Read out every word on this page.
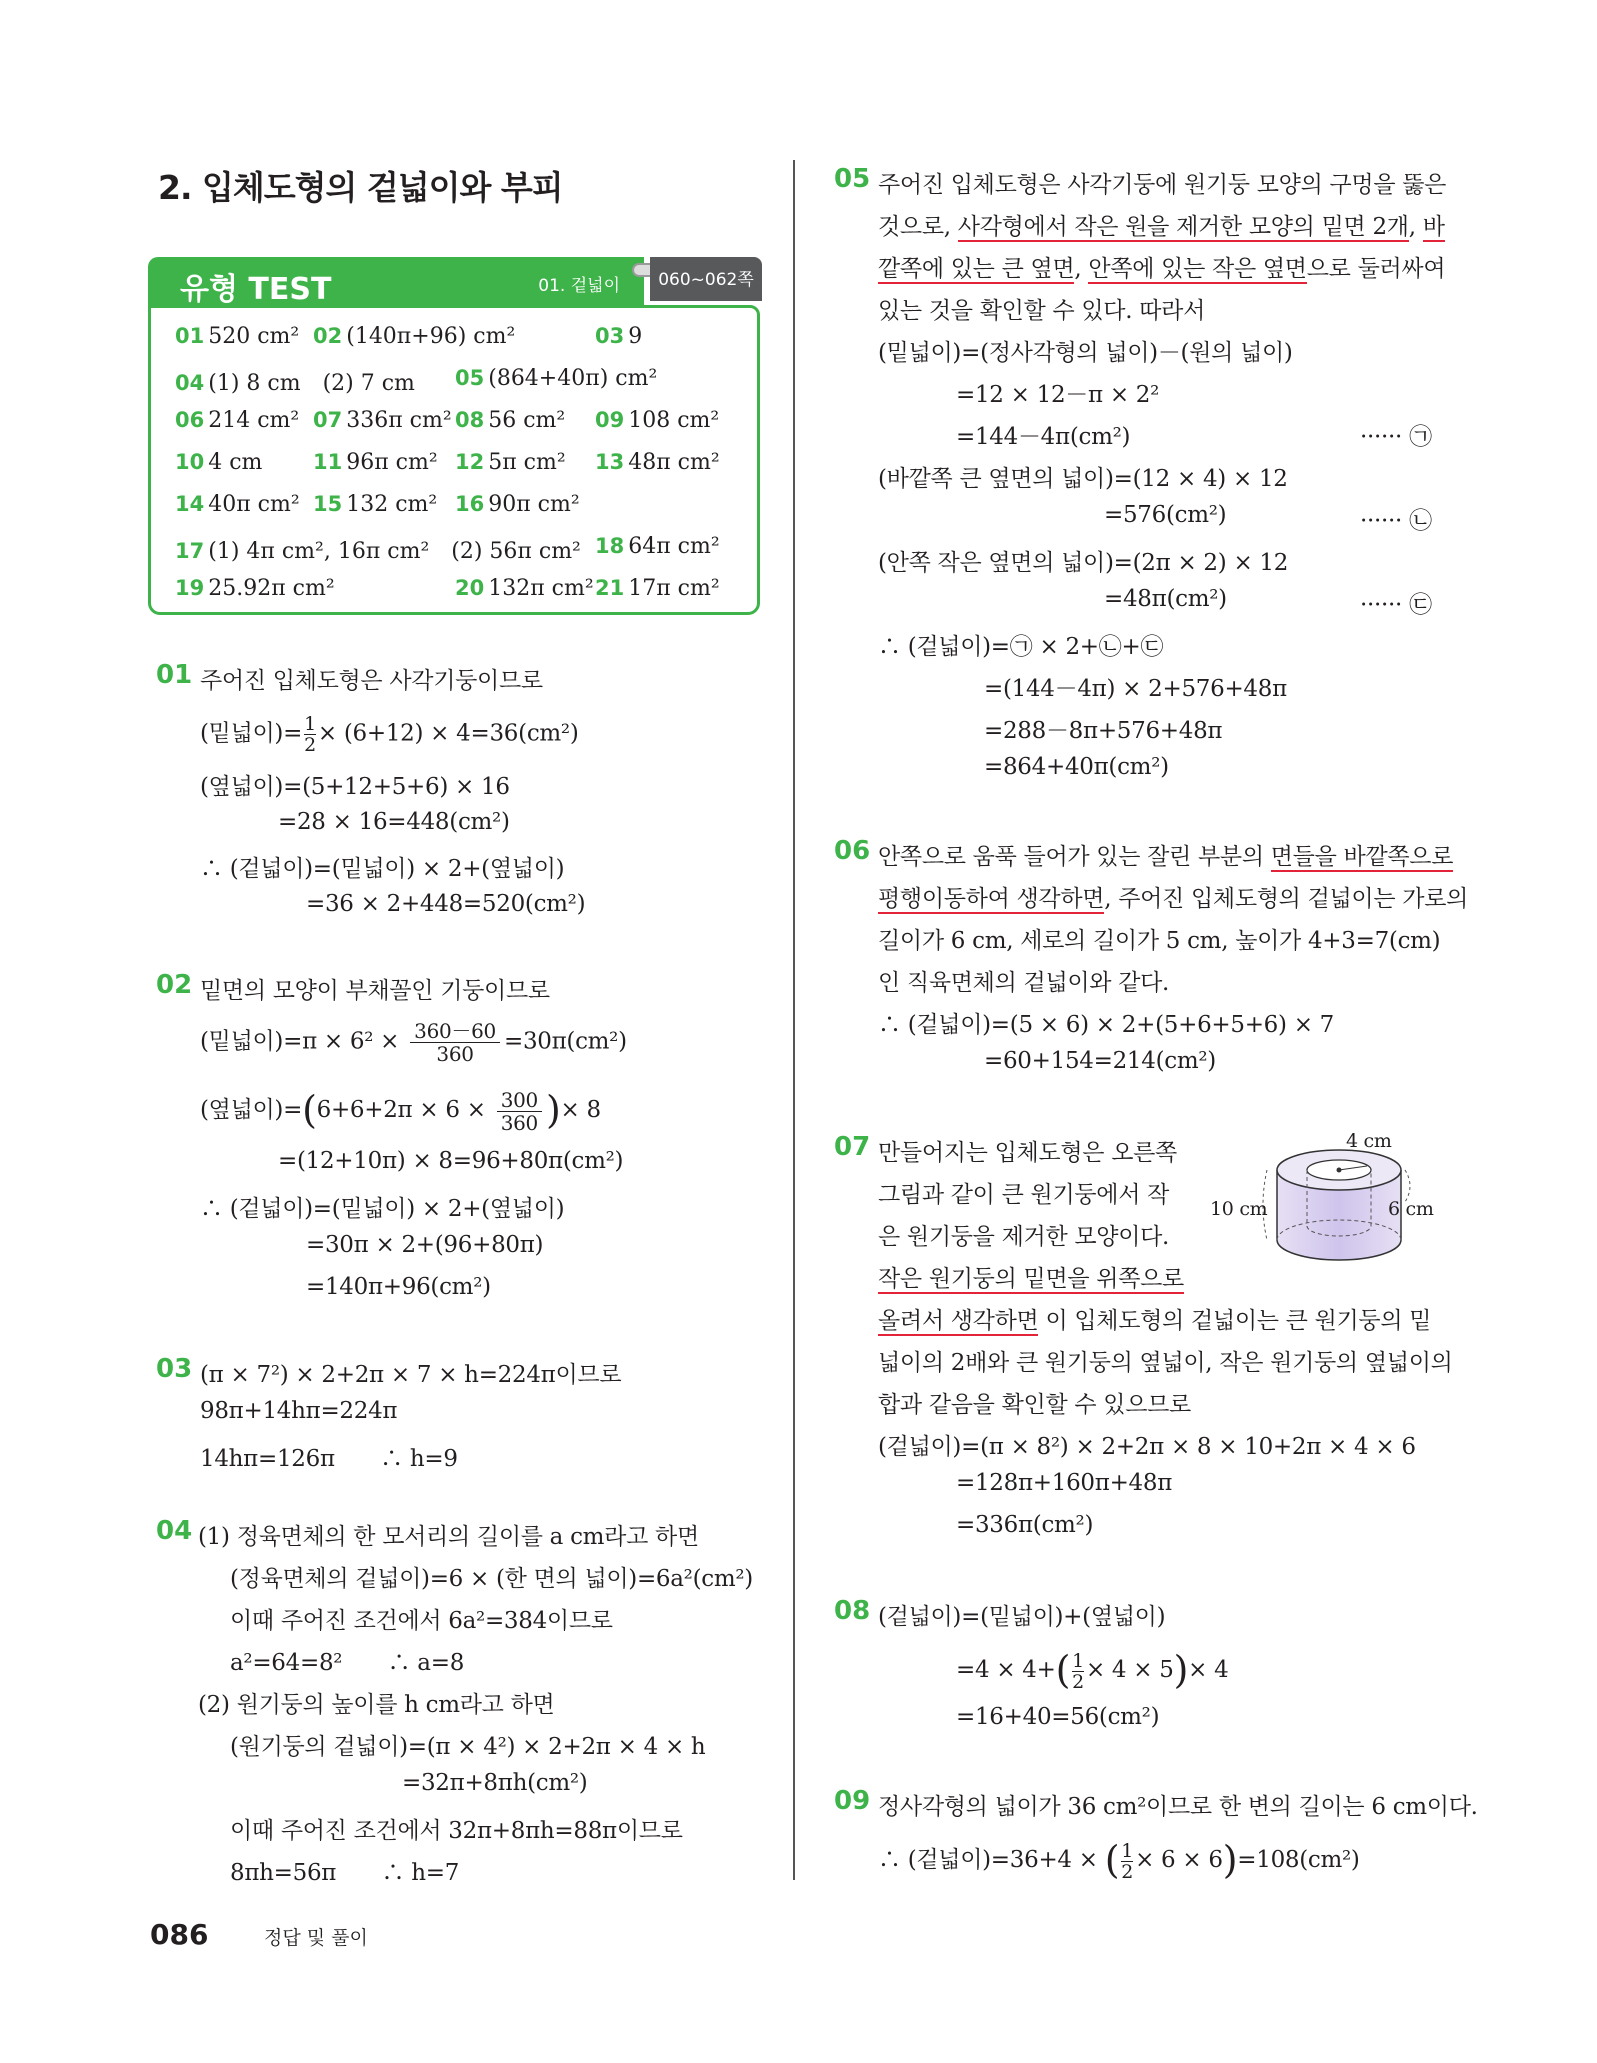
2. 입체도형의 겉넓이와 부피
유형 TEST	01. 겉넓이	060~062쪽
01 520 cm² 02 (140π+96) cm²	03 9
04 (1) 8 cm　(2) 7 cm 05 (864+40π) cm²
06 214 cm² 07 336π cm² 08 56 cm² 09 108 cm²
10 4 cm 11 96π cm² 12 5π cm² 13 48π cm²
14 40π cm² 15 132 cm² 16 90π cm²
17 (1) 4π cm², 16π cm²　(2) 56π cm² 18 64π cm²
19 25.92π cm²	20 132π cm² 21 17π cm²
01 주어진 입체도형은 사각기둥이므로
(밑넓이)= $\frac{1}{2} \times (6+12) \times 4=36(cm^2)$
(옆넓이)=(5+12+5+6) × 16
=28 × 16=448(cm²)
∴ (겉넓이)=(밑넓이) × 2+(옆넓이)
=36 × 2+448=520(cm²)
02 밑면의 모양이 부채꼴인 기둥이므로
(밑넓이)$=\pi \times 6^2 \times \frac{360-60}{360} =30\pi(cm^2)$
(옆넓이)$=(6+6+2\pi \times 6 \times \frac{300}{360}$ )× 8
=(12+10π) × 8=96+80π(cm²)
∴ (겉넓이)=(밑넓이) × 2+(옆넓이)
=30π × 2+(96+80π)
=140π+96(cm²)
03 (π × 7²) × 2+2π × 7 × h=224π이므로
98π+14hπ=224π
14hπ=126π　　∴ h=9
04 (1) 정육면체의 한 모서리의 길이를 a cm라고 하면
(정육면체의 겉넓이)=6 × (한 면의 넓이)=6a²(cm²)
이때 주어진 조건에서 6a²=384이므로
a²=64=8²　　∴ a=8
(2) 원기둥의 높이를 h cm라고 하면
(원기둥의 겉넓이)=(π × 4²) × 2+2π × 4 × h
=32π+8πh(cm²)
이때 주어진 조건에서 32π+8πh=88π이므로
8πh=56π　　∴ h=7
05 주어진 입체도형은 사각기둥에 원기둥 모양의 구멍을 뚫은
것으로, 사각형에서 작은 원을 제거한 모양의 밑면 2개, 바
깥쪽에 있는 큰 옆면, 안쪽에 있는 작은 옆면으로 둘러싸여
있는 것을 확인할 수 있다. 따라서
(밑넓이)=(정사각형의 넓이)－(원의 넓이)
=12 × 12－π × 2²
=144－4π(cm²)	······ ㉠
(바깥쪽 큰 옆면의 넓이)=(12 × 4) × 12
=576(cm²)	······ ㉡
(안쪽 작은 옆면의 넓이)=(2π × 2) × 12
=48π(cm²)	······ ㉢
∴ (겉넓이)=㉠ × 2+㉡+㉢
=(144－4π) × 2+576+48π
=288－8π+576+48π
=864+40π(cm²)
06 안쪽으로 움푹 들어가 있는 잘린 부분의 면들을 바깥쪽으로
평행이동하여 생각하면, 주어진 입체도형의 겉넓이는 가로의
길이가 6 cm, 세로의 길이가 5 cm, 높이가 4+3=7(cm)
인 직육면체의 겉넓이와 같다.
∴ (겉넓이)=(5 × 6) × 2+(5+6+5+6) × 7
=60+154=214(cm²)
07 만들어지는 입체도형은 오른쪽
그림과 같이 큰 원기둥에서 작
은 원기둥을 제거한 모양이다.
작은 원기둥의 밑면을 위쪽으로
올려서 생각하면 이 입체도형의 겉넓이는 큰 원기둥의 밑
넓이의 2배와 큰 원기둥의 옆넓이, 작은 원기둥의 옆넓이의
합과 같음을 확인할 수 있으므로
(겉넓이)=(π × 8²) × 2+2π × 8 × 10+2π × 4 × 6
=128π+160π+48π
=336π(cm²)
4 cm
10 cm	6 cm
08 (겉넓이)=(밑넓이)+(옆넓이)
$=4 \times 4+( \frac{1}{2} \times 4 \times 5)\times 4$
=16+40=56(cm²)
09 정사각형의 넓이가 36 cm²이므로 한 변의 길이는 6 cm이다.
∴ (겉넓이)=36+4 × ( $\frac{1}{2} \times 6 \times 6)=108(cm^2)$
086	정답 및 풀이
